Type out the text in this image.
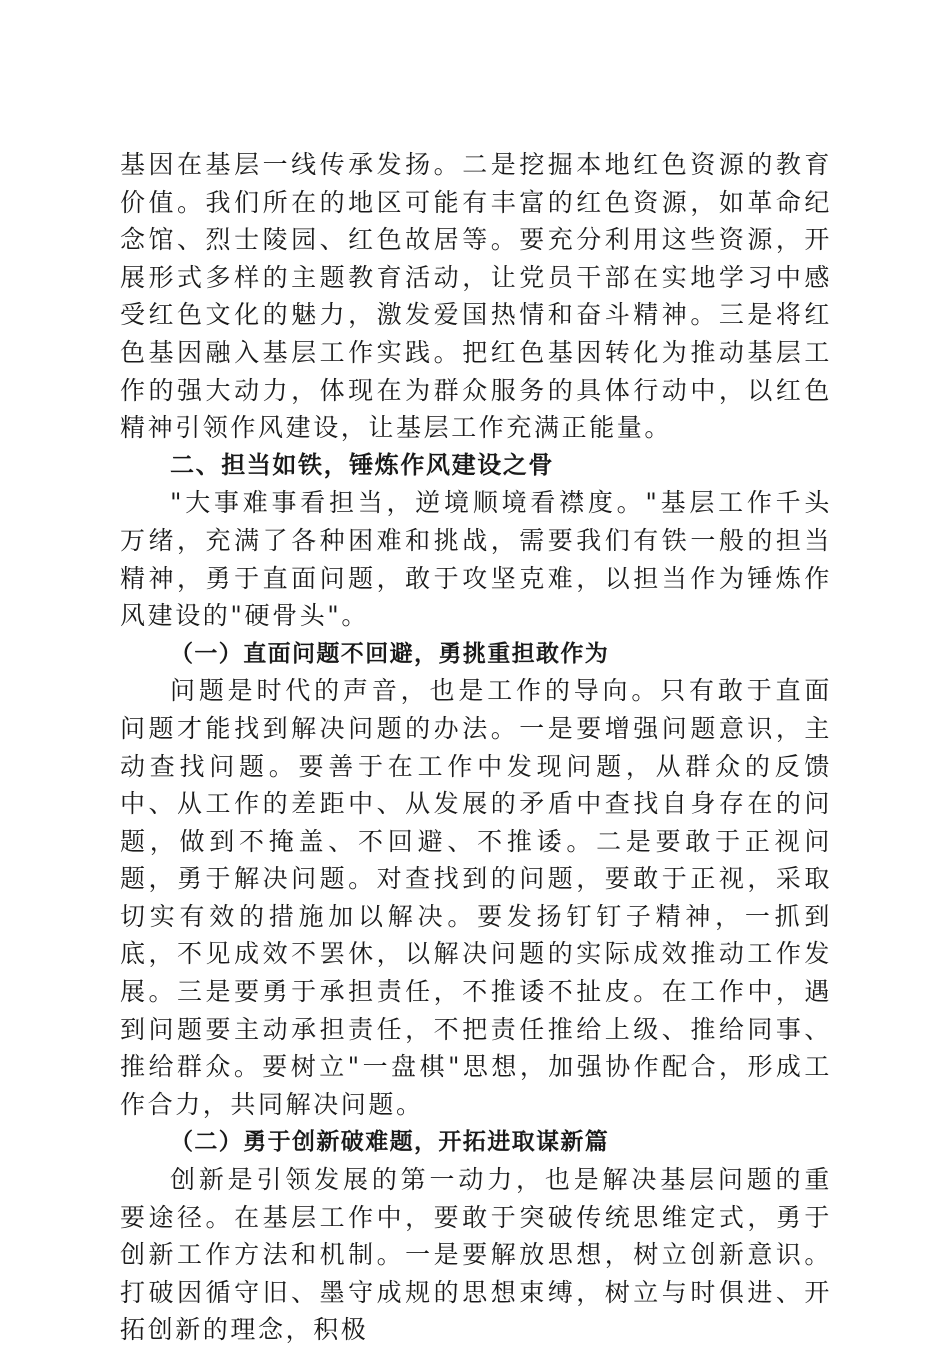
基因在基层一线传承发扬。二是挖掘本地红色资源的教育价值。我们所在的地区可能有丰富的红色资源，如革命纪念馆、烈士陵园、红色故居等。要充分利用这些资源，开展形式多样的主题教育活动，让党员干部在实地学习中感受红色文化的魅力，激发爱国热情和奋斗精神。三是将红色基因融入基层工作实践。把红色基因转化为推动基层工作的强大动力，体现在为群众服务的具体行动中，以红色精神引领作风建设，让基层工作充满正能量。

二、担当如铁，锤炼作风建设之骨

"大事难事看担当，逆境顺境看襟度。"基层工作千头万绪，充满了各种困难和挑战，需要我们有铁一般的担当精神，勇于直面问题，敢于攻坚克难，以担当作为锤炼作风建设的"硬骨头"。

（一）直面问题不回避，勇挑重担敢作为

问题是时代的声音，也是工作的导向。只有敢于直面问题才能找到解决问题的办法。一是要增强问题意识，主动查找问题。要善于在工作中发现问题，从群众的反馈中、从工作的差距中、从发展的矛盾中查找自身存在的问题，做到不掩盖、不回避、不推诿。二是要敢于正视问题，勇于解决问题。对查找到的问题，要敢于正视，采取切实有效的措施加以解决。要发扬钉钉子精神，一抓到底，不见成效不罢休，以解决问题的实际成效推动工作发展。三是要勇于承担责任，不推诿不扯皮。在工作中，遇到问题要主动承担责任，不把责任推给上级、推给同事、推给群众。要树立"一盘棋"思想，加强协作配合，形成工作合力，共同解决问题。

（二）勇于创新破难题，开拓进取谋新篇

创新是引领发展的第一动力，也是解决基层问题的重要途径。在基层工作中，要敢于突破传统思维定式，勇于创新工作方法和机制。一是要解放思想，树立创新意识。打破因循守旧、墨守成规的思想束缚，树立与时俱进、开拓创新的理念，积极
